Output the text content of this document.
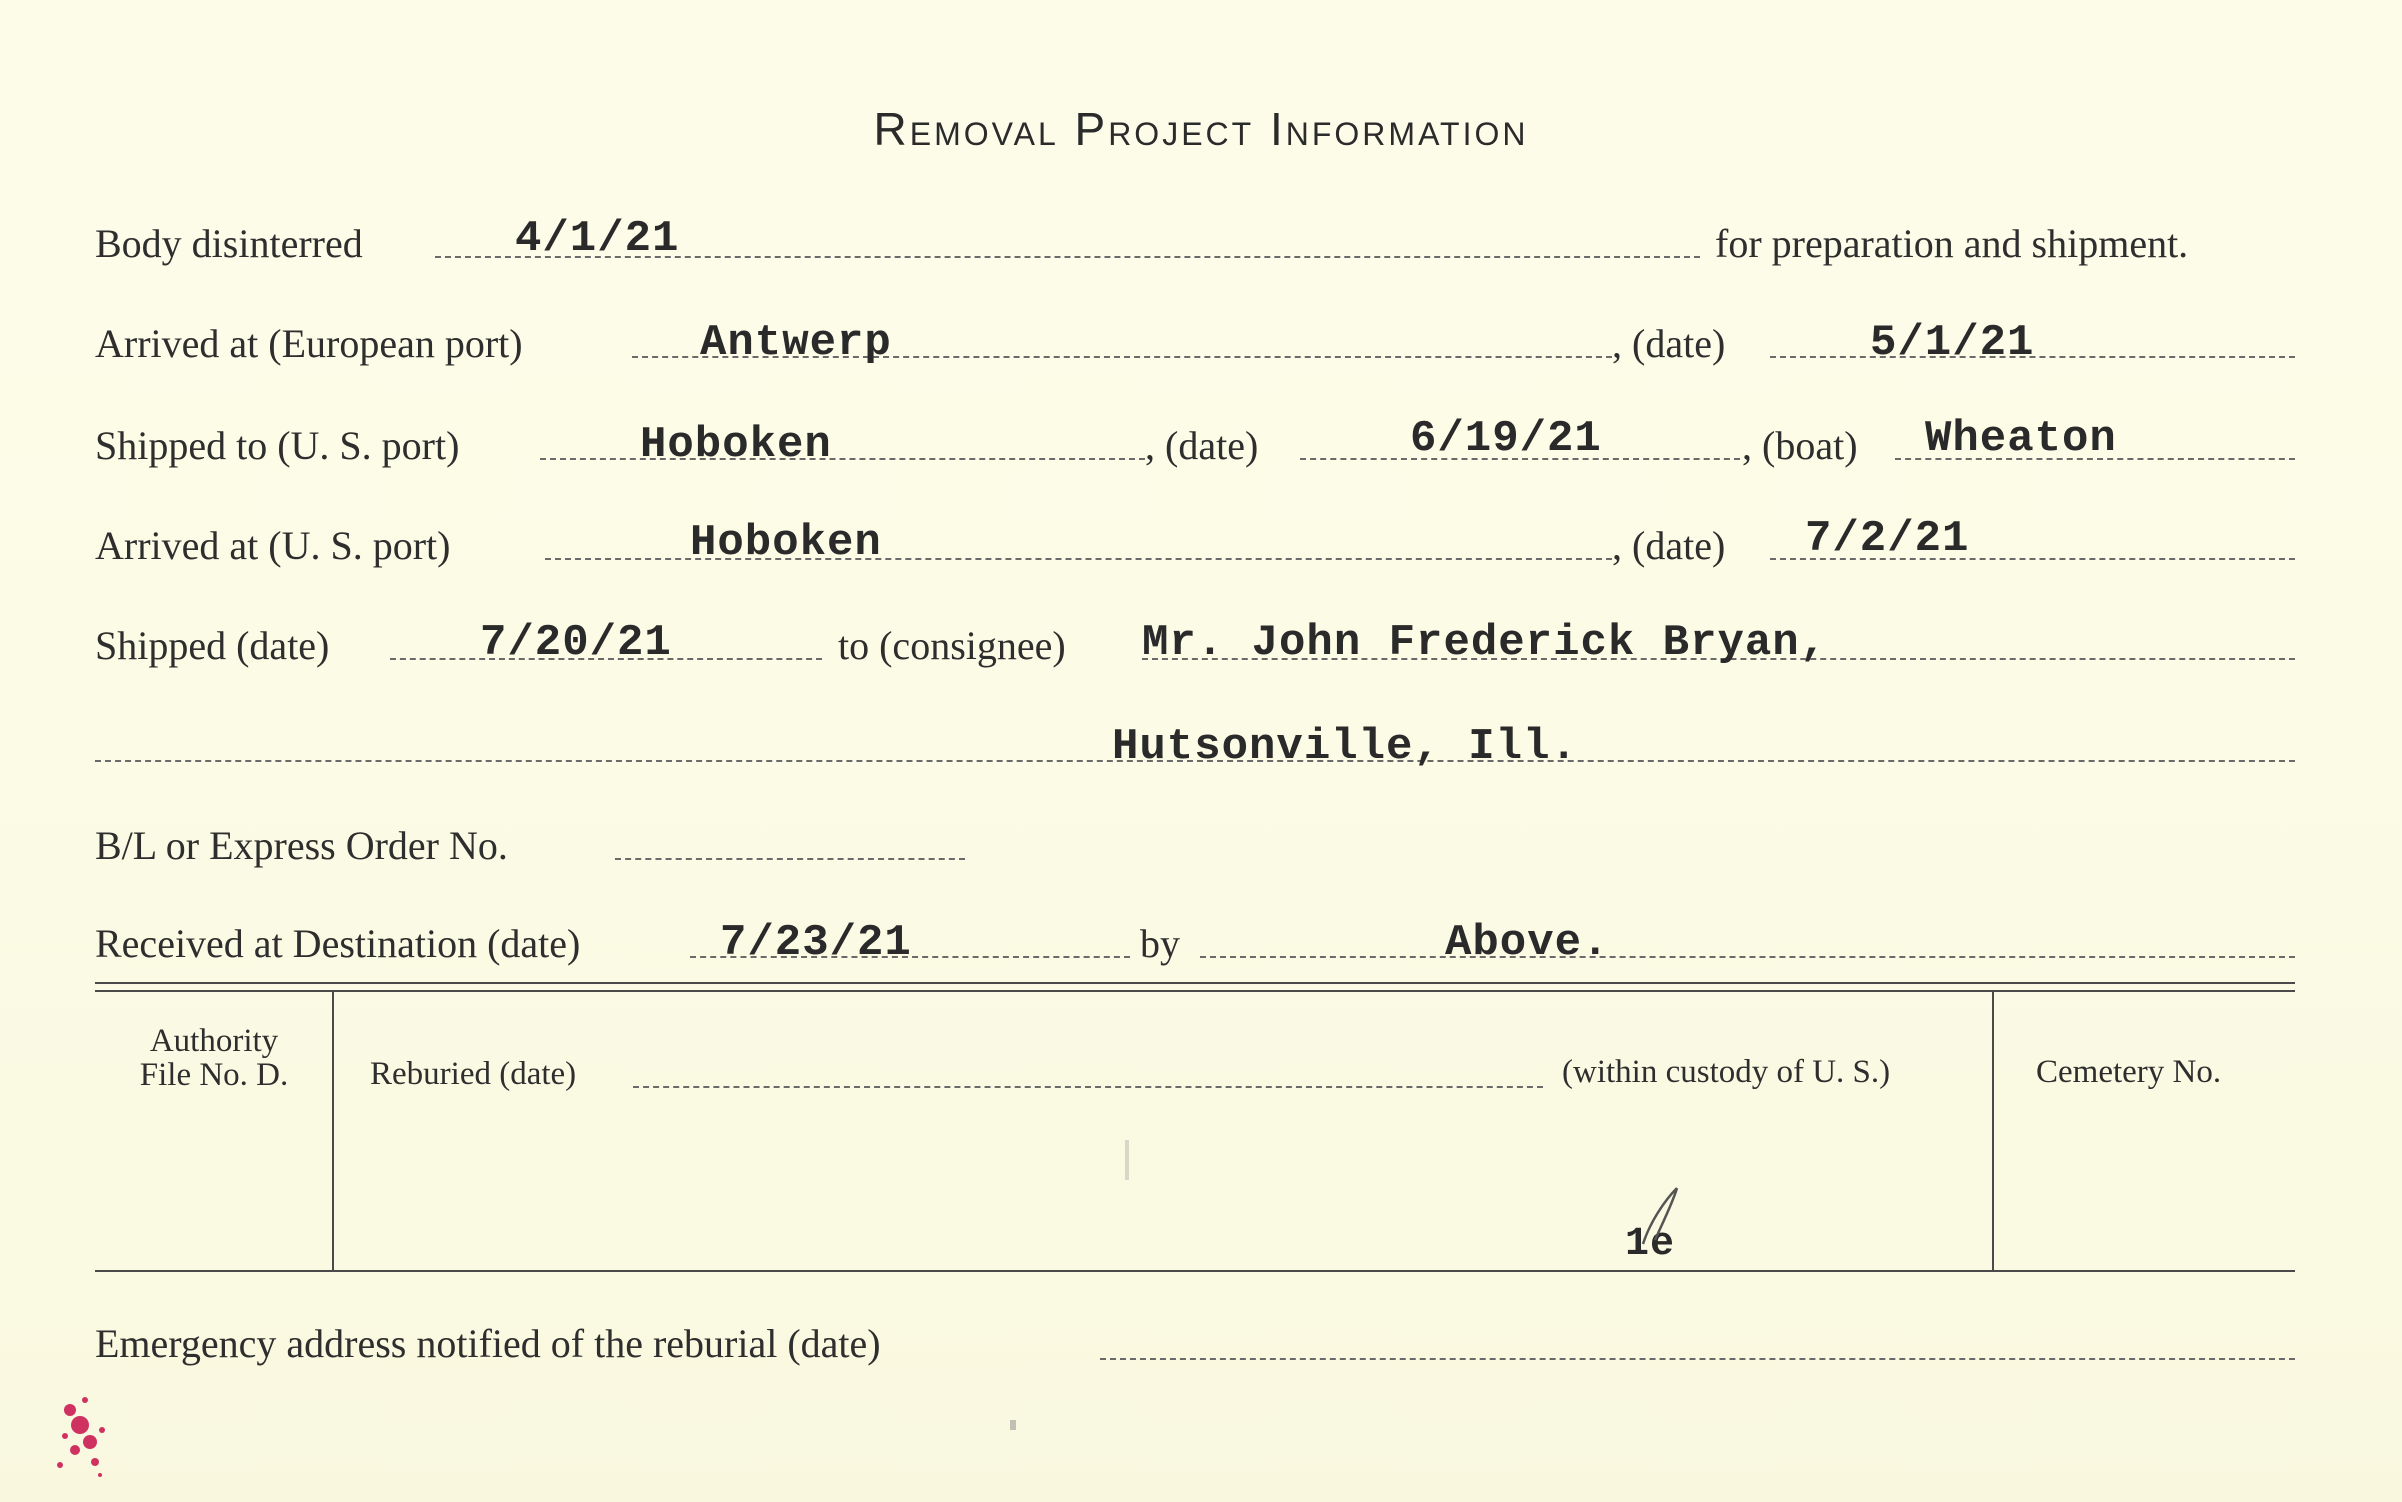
Removal Project Information
Body disinterred	4/1/21	for preparation and shipment.
Arrived at (European port)	Antwerp	, (date)	5/1/21
Shipped to (U. S. port)	Hoboken	, (date)	6/19/21	, (boat) Wheaton
Arrived at (U. S. port)	Hoboken	, (date) 7/2/21
Shipped (date)	7/20/21	to (consignee) Mr. John Frederick Bryan,
Hutsonville, Ill.
B/L or Express Order No.
Received at Destination (date)	7/23/21	by	Above.
Authority
File No. D.	Reburied (date)	(within custody of U. S.)	Cemetery No.
1e
Emergency address notified of the reburial (date)
